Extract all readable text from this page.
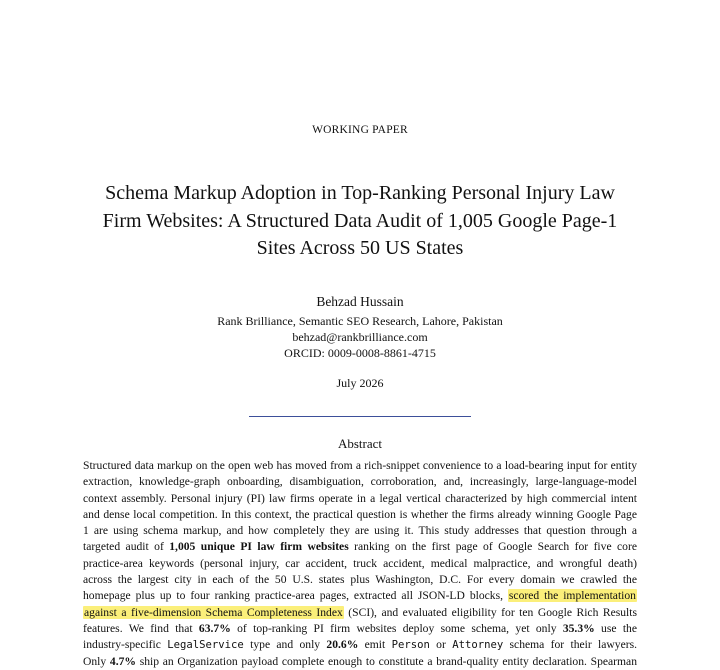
WORKING PAPER
Schema Markup Adoption in Top-Ranking Personal Injury Law
Firm Websites: A Structured Data Audit of 1,005 Google Page-1
Sites Across 50 US States
Behzad Hussain
Rank Brilliance, Semantic SEO Research, Lahore, Pakistan
behzad@rankbrilliance.com
ORCID: 0009-0008-8861-4715
July 2026
Abstract
Structured data markup on the open web has moved from a rich-snippet convenience to a load-bearing input for entity
extraction, knowledge-graph onboarding, disambiguation, corroboration, and, increasingly, large-language-model
context assembly. Personal injury (PI) law firms operate in a legal vertical characterized by high commercial intent
and dense local competition. In this context, the practical question is whether the firms already winning Google Page
1 are using schema markup, and how completely they are using it. This study addresses that question through a
targeted audit of 1,005 unique PI law firm websites ranking on the first page of Google Search for five core
practice-area keywords (personal injury, car accident, truck accident, medical malpractice, and wrongful death)
across the largest city in each of the 50 U.S. states plus Washington, D.C. For every domain we crawled the
homepage plus up to four ranking practice-area pages, extracted all JSON-LD blocks, scored the implementation
against a five-dimension Schema Completeness Index (SCI), and evaluated eligibility for ten Google Rich Results
features. We find that 63.7% of top-ranking PI firm websites deploy some schema, yet only 35.3% use the
industry-specific LegalService type and only 20.6% emit Person or Attorney schema for their lawyers.
Only 4.7% ship an Organization payload complete enough to constitute a brand-quality entity declaration. Spearman
